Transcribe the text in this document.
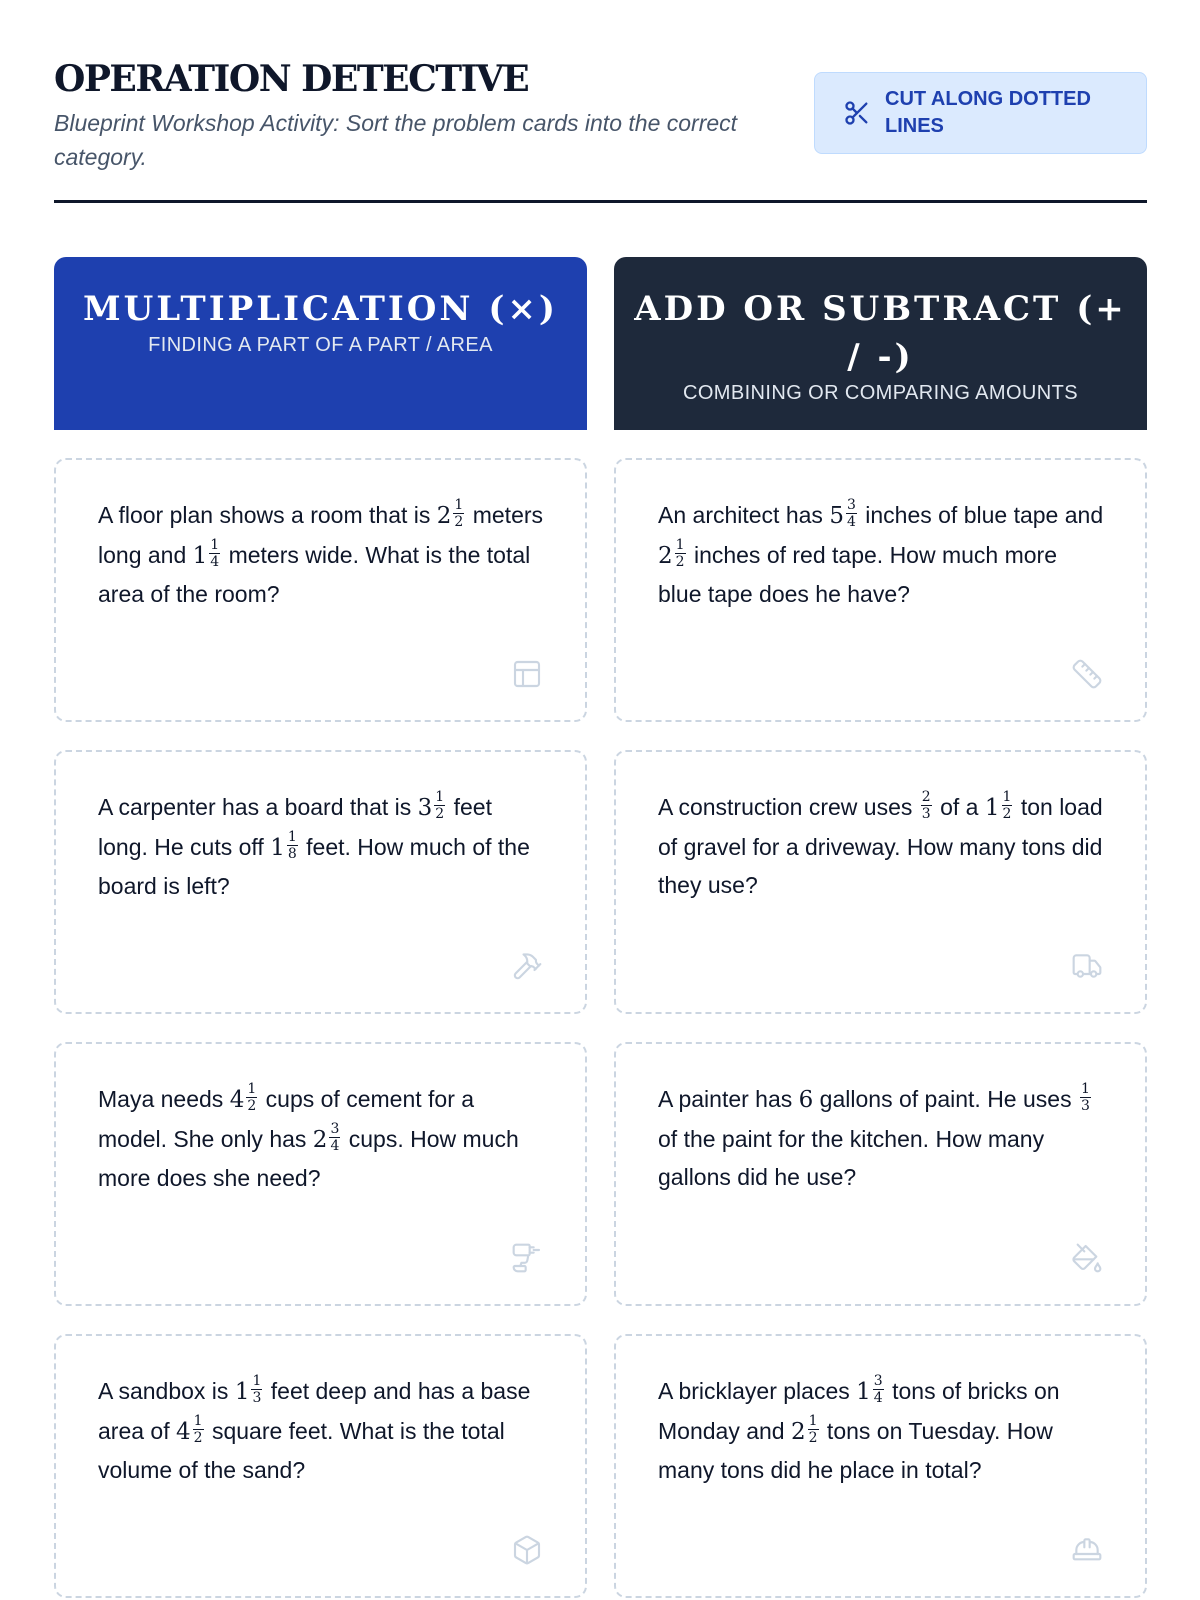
OPERATION DETECTIVE
Blueprint Workshop Activity: Sort the problem cards into the correct category.
CUT ALONG DOTTED LINES
MULTIPLICATION (×)
FINDING A PART OF A PART / AREA
ADD OR SUBTRACT (+ / -)
COMBINING OR COMPARING AMOUNTS
A floor plan shows a room that is $2 \frac{1}{2}$ meters long and $1 \frac{1}{4}$ meters wide. What is the total area of the room?
An architect has $5 \frac{3}{4}$ inches of blue tape and $2 \frac{1}{2}$ inches of red tape. How much more blue tape does he have?
A carpenter has a board that is $3 \frac{1}{2}$ feet long. He cuts off $1 \frac{1}{8}$ feet. How much of the board is left?
A construction crew uses $\frac{2}{3}$ of a $1 \frac{1}{2}$ ton load of gravel for a driveway. How many tons did they use?
Maya needs $4 \frac{1}{2}$ cups of cement for a model. She only has $2 \frac{3}{4}$ cups. How much more does she need?
A painter has 6 gallons of paint. He uses $\frac{1}{3}$
of the paint for the kitchen. How many gallons did he use?
A sandbox is $1 \frac{1}{3}$ feet deep and has a base area of $4 \frac{1}{2}$ square feet. What is the total volume of the sand?
A bricklayer places $1 \frac{3}{4}$ tons of bricks on Monday and $2 \frac{1}{2}$ tons on Tuesday. How many tons did he place in total?
